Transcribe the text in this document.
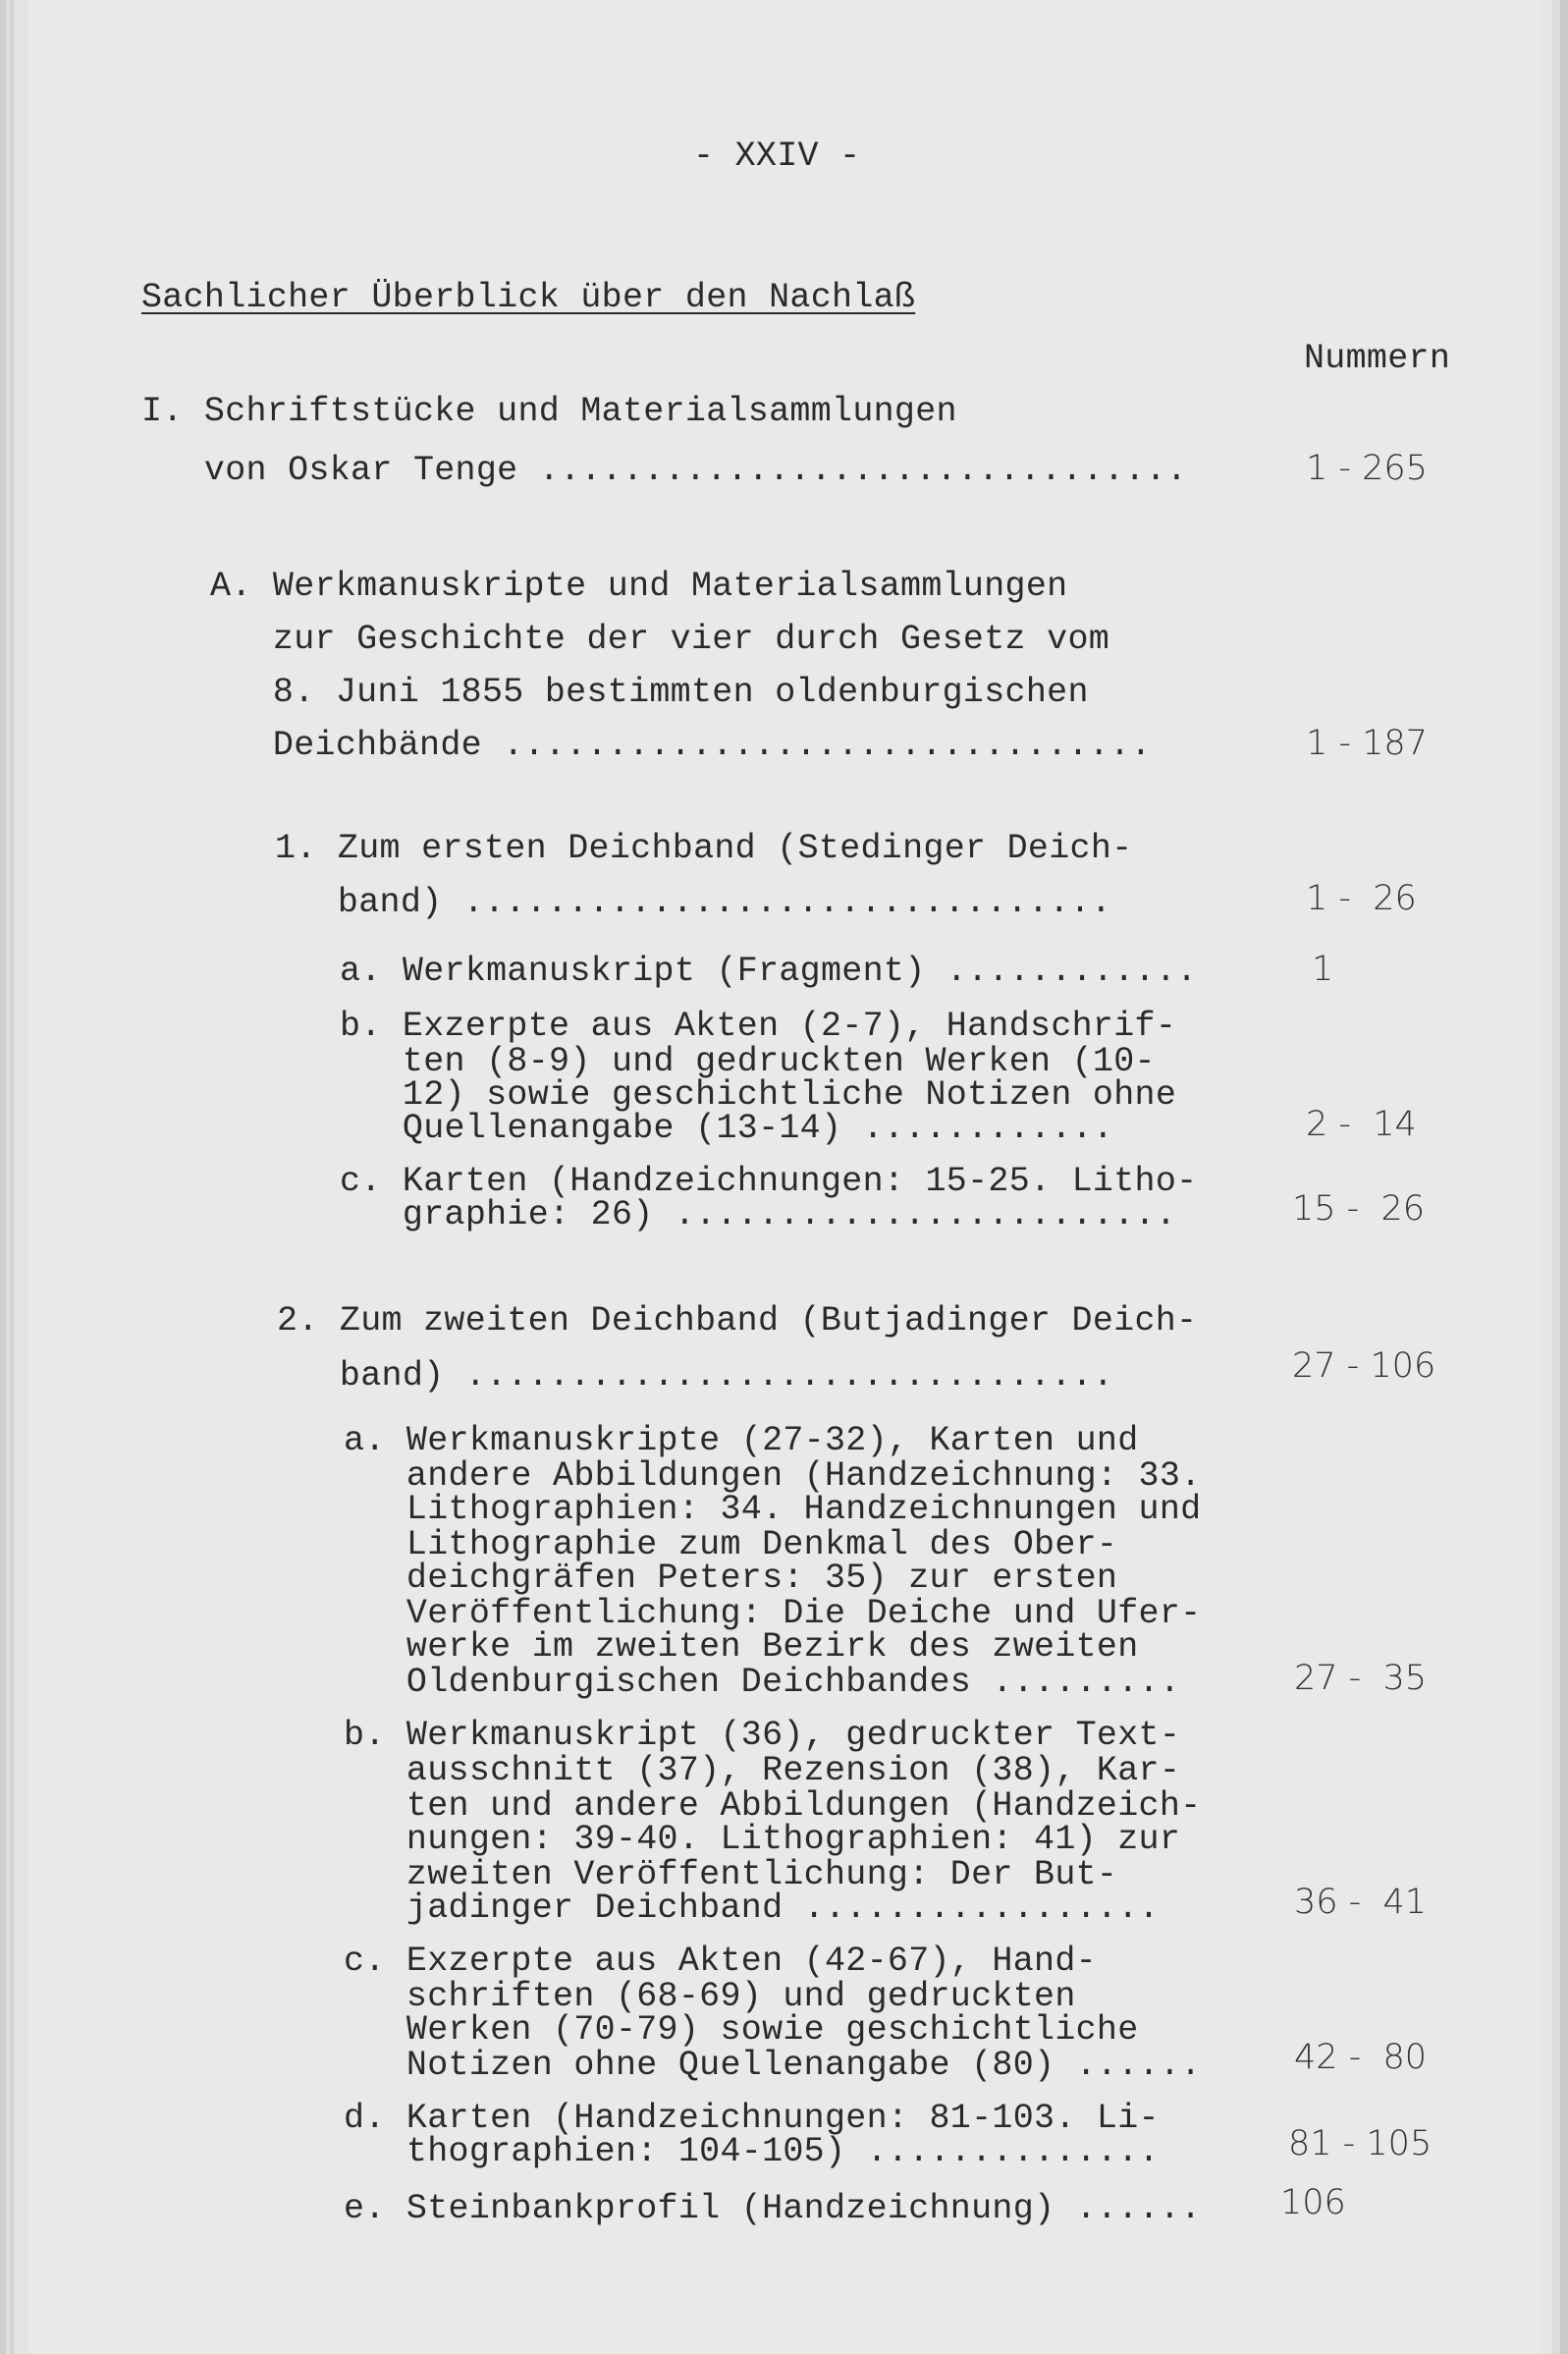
- XXIV -
Sachlicher Überblick über den Nachlaß
Nummern
I. Schriftstücke und Materialsammlungen
von Oskar Tenge ...............................	1 - 265
A. Werkmanuskripte und Materialsammlungen
zur Geschichte der vier durch Gesetz vom
8. Juni 1855 bestimmten oldenburgischen
Deichbände ...............................	1 - 187
1. Zum ersten Deichband (Stedinger Deich-
band) ...............................	1 -  26
a. Werkmanuskript (Fragment) ............	1
b. Exzerpte aus Akten (2-7), Handschrif-
ten (8-9) und gedruckten Werken (10-
12) sowie geschichtliche Notizen ohne
Quellenangabe (13-14) ............	2 -  14
c. Karten (Handzeichnungen: 15-25. Litho-
graphie: 26) ........................	15 -  26
2. Zum zweiten Deichband (Butjadinger Deich-
band) ...............................	27 - 106
a. Werkmanuskripte (27-32), Karten und
andere Abbildungen (Handzeichnung: 33.
Lithographien: 34. Handzeichnungen und
Lithographie zum Denkmal des Ober-
deichgräfen Peters: 35) zur ersten
Veröffentlichung: Die Deiche und Ufer-
werke im zweiten Bezirk des zweiten
Oldenburgischen Deichbandes .........	27 -  35
b. Werkmanuskript (36), gedruckter Text-
ausschnitt (37), Rezension (38), Kar-
ten und andere Abbildungen (Handzeich-
nungen: 39-40. Lithographien: 41) zur
zweiten Veröffentlichung: Der But-
jadinger Deichband .................	36 -  41
c. Exzerpte aus Akten (42-67), Hand-
schriften (68-69) und gedruckten
Werken (70-79) sowie geschichtliche
Notizen ohne Quellenangabe (80) ......	42 -  80
d. Karten (Handzeichnungen: 81-103. Li-
thographien: 104-105) ..............	81 - 105
e. Steinbankprofil (Handzeichnung) ...... 106
